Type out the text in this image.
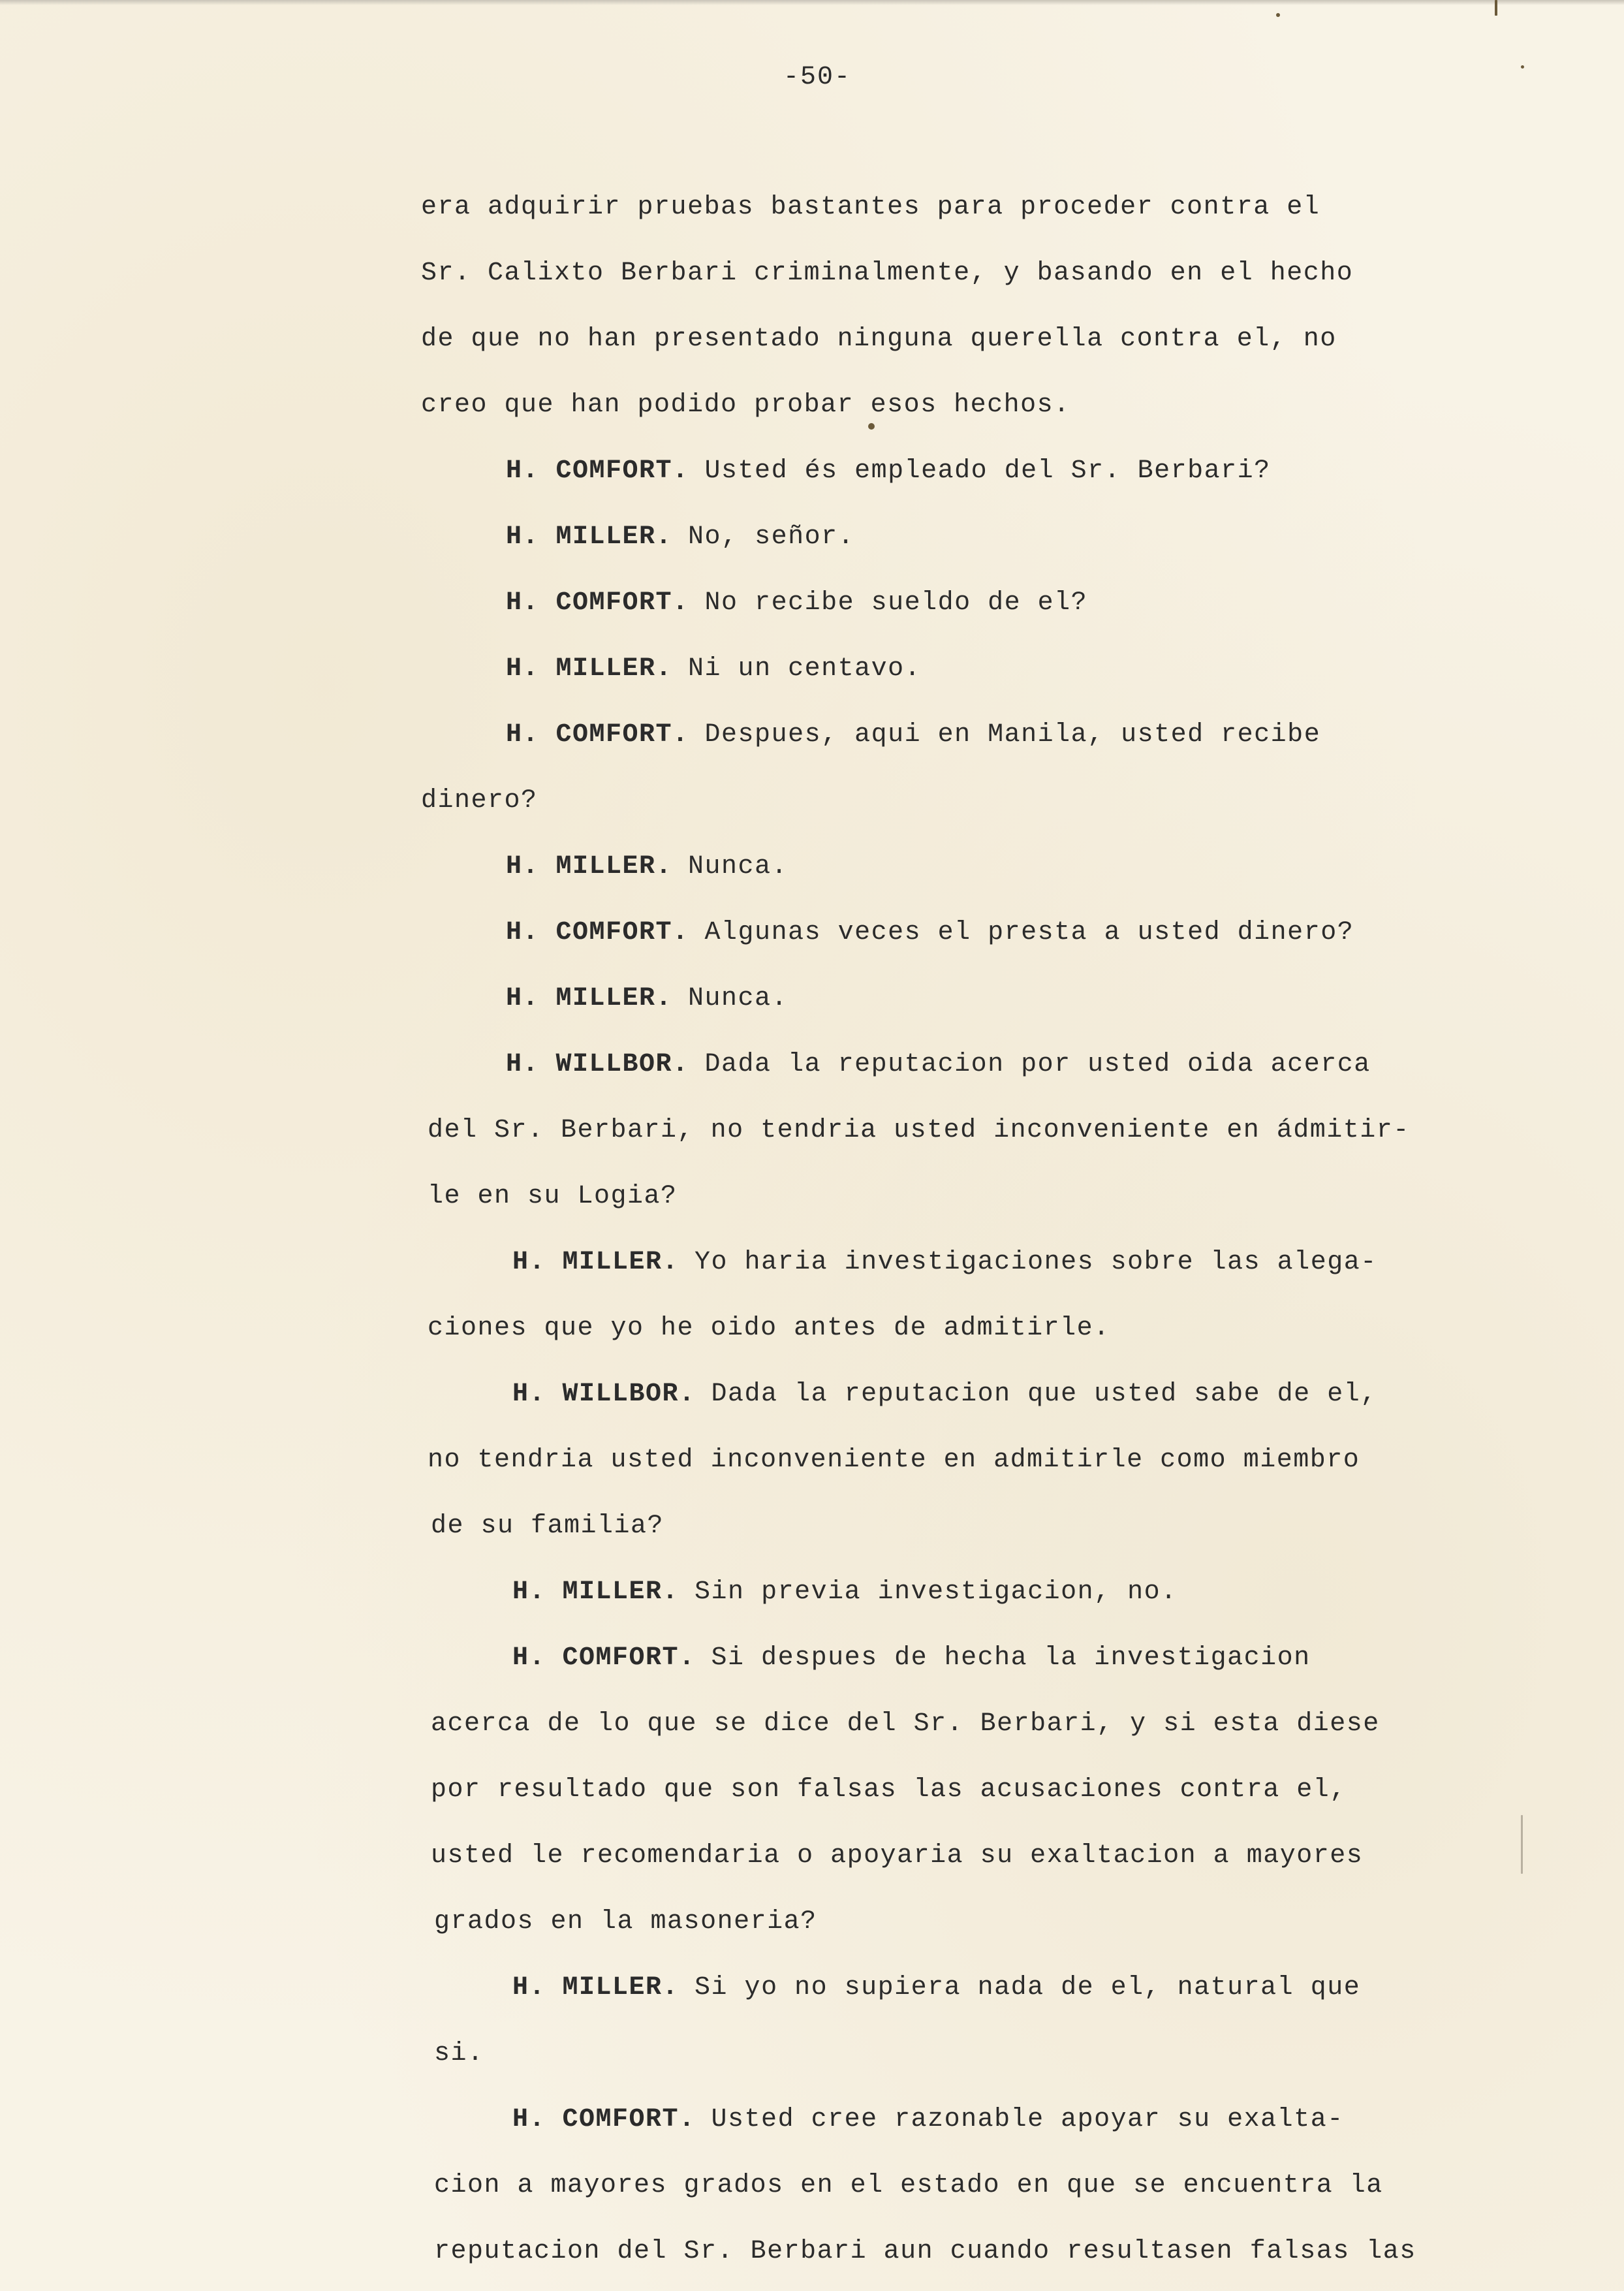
-50-
era adquirir pruebas bastantes para proceder contra el
Sr. Calixto Berbari criminalmente, y basando en el hecho
de que no han presentado ninguna querella contra el, no
creo que han podido probar esos hechos.
H. COMFORT. Usted és empleado del Sr. Berbari?
H. MILLER. No, señor.
H. COMFORT. No recibe sueldo de el?
H. MILLER. Ni un centavo.
H. COMFORT. Despues, aqui en Manila, usted recibe
dinero?
H. MILLER. Nunca.
H. COMFORT. Algunas veces el presta a usted dinero?
H. MILLER. Nunca.
H. WILLBOR. Dada la reputacion por usted oida acerca
del Sr. Berbari, no tendria usted inconveniente en ádmitir-
le en su Logia?
H. MILLER. Yo haria investigaciones sobre las alega-
ciones que yo he oido antes de admitirle.
H. WILLBOR. Dada la reputacion que usted sabe de el,
no tendria usted inconveniente en admitirle como miembro
de su familia?
H. MILLER. Sin previa investigacion, no.
H. COMFORT. Si despues de hecha la investigacion
acerca de lo que se dice del Sr. Berbari, y si esta diese
por resultado que son falsas las acusaciones contra el,
usted le recomendaria o apoyaria su exaltacion a mayores
grados en la masoneria?
H. MILLER. Si yo no supiera nada de el, natural que
si.
H. COMFORT. Usted cree razonable apoyar su exalta-
cion a mayores grados en el estado en que se encuentra la
reputacion del Sr. Berbari aun cuando resultasen falsas las
